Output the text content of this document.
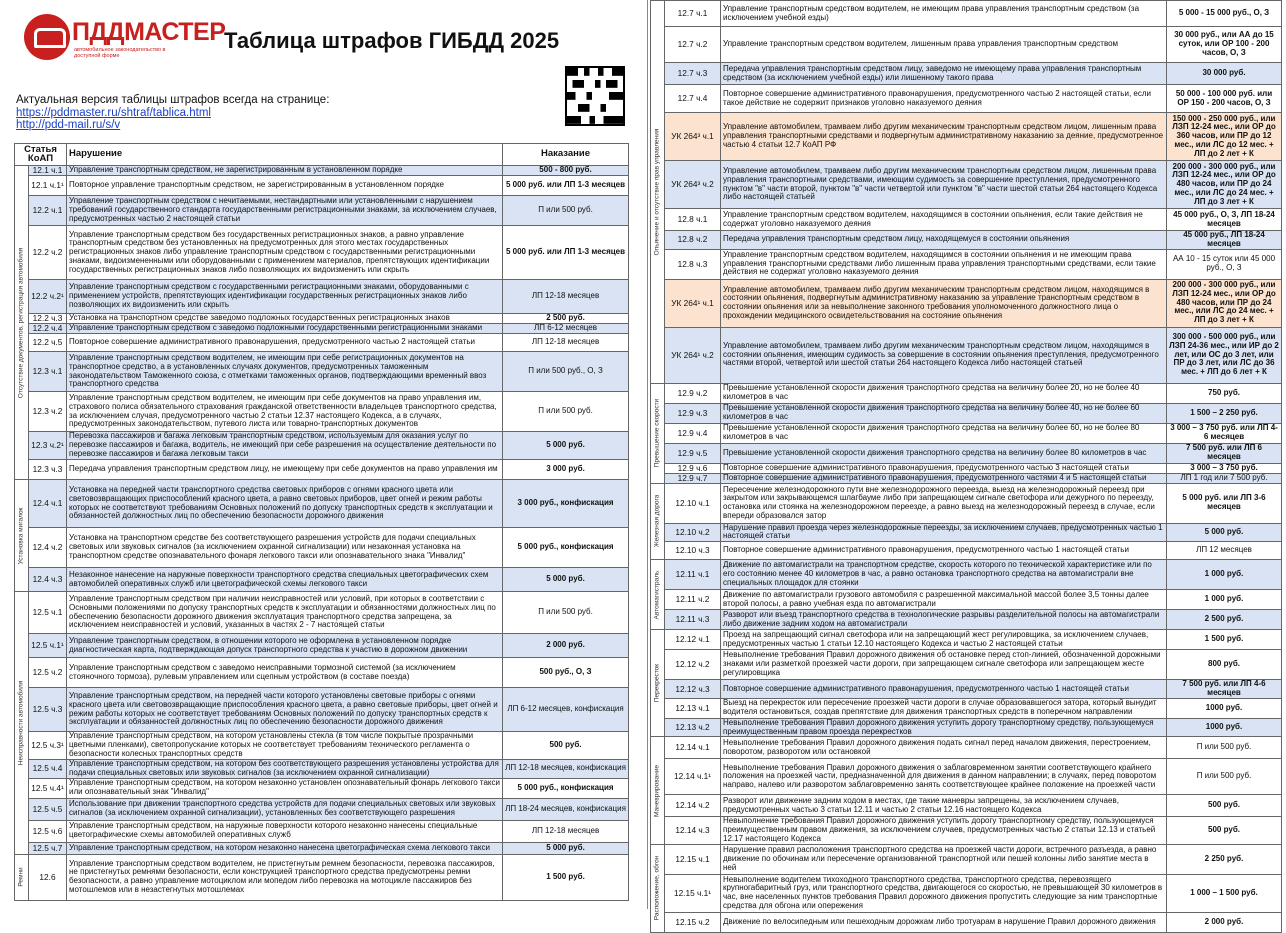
ПДДМАСТЕР
автомобильное законодательство в доступной форме
Таблица штрафов ГИБДД 2025
Актуальная версия таблицы штрафов всегда на странице:
https://pddmaster.ru/shtraf/tablica.html
http://pdd-mail.ru/s/v
Статья КоАП		Нарушение	Наказание

Отсутствие документов, регистрация автомобиля	12.1 ч.1	Управление транспортным средством, не зарегистрированным в установленном порядке	500 - 800 руб.
	12.1 ч.1¹	Повторное управление транспортным средством, не зарегистрированным в установленном порядке	5 000 руб. или ЛП 1-3 месяцев
	12.2 ч.1	Управление транспортным средством с нечитаемыми, нестандартными или установленными с нарушением требований государственного стандарта государственными регистрационными знаками, за исключением случаев, предусмотренных частью 2 настоящей статьи	П или 500 руб.
	12.2 ч.2	Управление транспортным средством без государственных регистрационных знаков, а равно управление транспортным средством без установленных на предусмотренных для этого местах государственных регистрационных знаков либо управление транспортным средством с государственными регистрационными знаками, видоизмененными или оборудованными с применением материалов, препятствующих идентификации государственных регистрационных знаков либо позволяющих их видоизменить или скрыть	5 000 руб. или ЛП 1-3 месяцев
	12.2 ч.2¹	Управление транспортным средством с государственными регистрационными знаками, оборудованными с применением устройств, препятствующих идентификации государственных регистрационных знаков либо позволяющих их видоизменить или скрыть	ЛП 12-18 месяцев
	12.2 ч.3	Установка на транспортном средстве заведомо подложных государственных регистрационных знаков	2 500 руб.
	12.2 ч.4	Управление транспортным средством с заведомо подложными государственными регистрационными знаками	ЛП 6-12 месяцев
	12.2 ч.5	Повторное совершение административного правонарушения, предусмотренного частью 2 настоящей статьи	ЛП 12-18 месяцев
	12.3 ч.1	Управление транспортным средством водителем, не имеющим при себе регистрационных документов на транспортное средство, а в установленных случаях документов, предусмотренных таможенным законодательством Таможенного союза, с отметками таможенных органов, подтверждающими временный ввоз транспортного средства	П или 500 руб., О, З
	12.3 ч.2	Управление транспортным средством водителем, не имеющим при себе документов на право управления им, страхового полиса обязательного страхования гражданской ответственности владельцев транспортного средства, за исключением случая, предусмотренного частью 2 статьи 12.37 настоящего Кодекса, а в случаях, предусмотренных законодательством, путевого листа или товарно-транспортных документов	П или 500 руб.
	12.3 ч.2¹	Перевозка пассажиров и багажа легковым транспортным средством, используемым для оказания услуг по перевозке пассажиров и багажа, водитель, не имеющий при себе разрешения на осуществление деятельности по перевозке пассажиров и багажа легковым такси	5 000 руб.
	12.3 ч.3	Передача управления транспортным средством лицу, не имеющему при себе документов на право управления им	3 000 руб.

Установка мигалок	12.4 ч.1	Установка на передней части транспортного средства световых приборов с огнями красного цвета или световозвращающих приспособлений красного цвета, а равно световых приборов, цвет огней и режим работы которых не соответствуют требованиям Основных положений по допуску транспортных средств к эксплуатации и обязанностей должностных лиц по обеспечению безопасности дорожного движения	3 000 руб., конфискация
	12.4 ч.2	Установка на транспортном средстве без соответствующего разрешения устройств для подачи специальных световых или звуковых сигналов (за исключением охранной сигнализации) или незаконная установка на транспортном средстве опознавательного фонаря легкового такси или опознавательного знака "Инвалид"	5 000 руб., конфискация
	12.4 ч.3	Незаконное нанесение на наружные поверхности транспортного средства специальных цветографических схем автомобилей оперативных служб или цветографической схемы легкового такси	5 000 руб.

Неисправности автомобиля	12.5 ч.1	Управление транспортным средством при наличии неисправностей или условий, при которых в соответствии с Основными положениями по допуску транспортных средств к эксплуатации и обязанностями должностных лиц по обеспечению безопасности дорожного движения эксплуатация транспортного средства запрещена, за исключением неисправностей и условий, указанных в частях 2 - 7 настоящей статьи	П или 500 руб.
	12.5 ч.1¹	Управление транспортным средством, в отношении которого не оформлена в установленном порядке диагностическая карта, подтверждающая допуск транспортного средства к участию в дорожном движении	2 000 руб.
	12.5 ч.2	Управление транспортным средством с заведомо неисправными тормозной системой (за исключением стояночного тормоза), рулевым управлением или сцепным устройством (в составе поезда)	500 руб., О, З
	12.5 ч.3	Управление транспортным средством, на передней части которого установлены световые приборы с огнями красного цвета или световозвращающие приспособления красного цвета, а равно световые приборы, цвет огней и режим работы которых не соответствует требованиям Основных положений по допуску транспортных средств к эксплуатации и обязанностей должностных лиц по обеспечению безопасности дорожного движения	ЛП 6-12 месяцев, конфискация
	12.5 ч.3¹	Управление транспортным средством, на котором установлены стекла (в том числе покрытые прозрачными цветными пленками), светопропускание которых не соответствует требованиям технического регламента о безопасности колесных транспортных средств	500 руб.
	12.5 ч.4	Управление транспортным средством, на котором без соответствующего разрешения установлены устройства для подачи специальных световых или звуковых сигналов (за исключением охранной сигнализации)	ЛП 12-18 месяцев, конфискация
	12.5 ч.4¹	Управление транспортным средством, на котором незаконно установлен опознавательный фонарь легкового такси или опознавательный знак "Инвалид"	5 000 руб., конфискация
	12.5 ч.5	Использование при движении транспортного средства устройств для подачи специальных световых или звуковых сигналов (за исключением охранной сигнализации), установленных без соответствующего разрешения	ЛП 18-24 месяцев, конфискация
	12.5 ч.6	Управление транспортным средством, на наружные поверхности которого незаконно нанесены специальные цветографические схемы автомобилей оперативных служб	ЛП 12-18 месяцев
	12.5 ч.7	Управление транспортным средством, на котором незаконно нанесена цветографическая схема легкового такси	5 000 руб.

Ремни	12.6	Управление транспортным средством водителем, не пристегнутым ремнем безопасности, перевозка пассажиров, не пристегнутых ремнями безопасности, если конструкцией транспортного средства предусмотрены ремни безопасности, а равно управление мотоциклом или мопедом либо перевозка на мотоцикле пассажиров без мотошлемов или в незастегнутых мотошлемах	1 500 руб.
Опьянение и отсутствие прав управления	12.7 ч.1	Управление транспортным средством водителем, не имеющим права управления транспортным средством (за исключением учебной езды)	5 000 - 15 000 руб., О, З
	12.7 ч.2	Управление транспортным средством водителем, лишенным права управления транспортным средством	30 000 руб., или АА до 15 суток, или ОР 100 - 200 часов, О, З
	12.7 ч.3	Передача управления транспортным средством лицу, заведомо не имеющему права управления транспортным средством (за исключением учебной езды) или лишенному такого права	30 000 руб.
	12.7 ч.4	Повторное совершение административного правонарушения, предусмотренного частью 2 настоящей статьи, если такое действие не содержит признаков уголовно наказуемого деяния	50 000 - 100 000 руб. или ОР 150 - 200 часов, О, З
	УК 264³ ч.1	Управление автомобилем, трамваем либо другим механическим транспортным средством лицом, лишенным права управления транспортными средствами и подвергнутым административному наказанию за деяние, предусмотренное частью 4 статьи 12.7 КоАП РФ	150 000 - 250 000 руб., или ЛЗП 12-24 мес., или ОР до 360 часов, или ПР до 12 мес., или ЛС до 12 мес. + ЛП до 2 лет + К
	УК 264³ ч.2	Управление автомобилем, трамваем либо другим механическим транспортным средством лицом, лишенным права управления транспортными средствами, имеющим судимость за совершение преступления, предусмотренного пунктом "в" части второй, пунктом "в" части четвертой или пунктом "в" части шестой статьи 264 настоящего Кодекса либо настоящей статьей	200 000 - 300 000 руб., или ЛЗП 12-24 мес., или ОР до 480 часов, или ПР до 24 мес., или ЛС до 24 мес. + ЛП до 3 лет + К
	12.8 ч.1	Управление транспортным средством водителем, находящимся в состоянии опьянения, если такие действия не содержат уголовно наказуемого деяния	45 000 руб., О, З, ЛП 18-24 месяцев
	12.8 ч.2	Передача управления транспортным средством лицу, находящемуся в состоянии опьянения	45 000 руб., ЛП 18-24 месяцев
	12.8 ч.3	Управление транспортным средством водителем, находящимся в состоянии опьянения и не имеющим права управления транспортными средствами либо лишенным права управления транспортными средствами, если такие действия не содержат уголовно наказуемого деяния	АА 10 - 15 суток или 45 000 руб., О, З
	УК 264¹ ч.1	Управление автомобилем, трамваем либо другим механическим транспортным средством лицом, находящимся в состоянии опьянения, подвергнутым административному наказанию за управление транспортным средством в состоянии опьянения или за невыполнение законного требования уполномоченного должностного лица о прохождении медицинского освидетельствования на состояние опьянения	200 000 - 300 000 руб., или ЛЗП 12-24 мес., или ОР до 480 часов, или ПР до 24 мес., или ЛС до 24 мес. + ЛП до 3 лет + К
	УК 264¹ ч.2	Управление автомобилем, трамваем либо другим механическим транспортным средством лицом, находящимся в состоянии опьянения, имеющим судимость за совершение в состоянии опьянения преступления, предусмотренного частями второй, четвертой или шестой статьи 264 настоящего Кодекса либо настоящей статьей	300 000 - 500 000 руб., или ЛЗП 24-36 мес., или ИР до 2 лет, или ОС до 3 лет, или ПР до 3 лет, или ЛС до 36 мес. + ЛП до 6 лет + К

Превышение скорости	12.9 ч.2	Превышение установленной скорости движения транспортного средства на величину более 20, но не более 40 километров в час	750 руб.
	12.9 ч.3	Превышение установленной скорости движения транспортного средства на величину более 40, но не более 60 километров в час	1 500 – 2 250 руб.
	12.9 ч.4	Превышение установленной скорости движения транспортного средства на величину более 60, но не более 80 километров в час	3 000 – 3 750 руб. или ЛП 4-6 месяцев
	12.9 ч.5	Превышение установленной скорости движения транспортного средства на величину более 80 километров в час	7 500 руб. или ЛП 6 месяцев
	12.9 ч.6	Повторное совершение административного правонарушения, предусмотренного частью 3 настоящей статьи	3 000 – 3 750 руб.
	12.9 ч.7	Повторное совершение административного правонарушения, предусмотренного частями 4 и 5 настоящей статьи	ЛП 1 год или 7 500 руб.

Железная дорога	12.10 ч.1	Пересечение железнодорожного пути вне железнодорожного переезда, выезд на железнодорожный переезд при закрытом или закрывающемся шлагбауме либо при запрещающем сигнале светофора или дежурного по переезду, остановка или стоянка на железнодорожном переезде, а равно выезд на железнодорожный переезд в случае, если впереди образовался затор	5 000 руб. или ЛП 3-6 месяцев
	12.10 ч.2	Нарушение правил проезда через железнодорожные переезды, за исключением случаев, предусмотренных частью 1 настоящей статьи	5 000 руб.
	12.10 ч.3	Повторное совершение административного правонарушения, предусмотренного частью 1 настоящей статьи	ЛП 12 месяцев

Автомагистраль	12.11 ч.1	Движение по автомагистрали на транспортном средстве, скорость которого по технической характеристике или по его состоянию менее 40 километров в час, а равно остановка транспортного средства на автомагистрали вне специальных площадок для стоянки	1 000 руб.
	12.11 ч.2	Движение по автомагистрали грузового автомобиля с разрешенной максимальной массой более 3,5 тонны далее второй полосы, а равно учебная езда по автомагистрали	1 000 руб.
	12.11 ч.3	Разворот или въезд транспортного средства в технологические разрывы разделительной полосы на автомагистрали либо движение задним ходом на автомагистрали	2 500 руб.

Перекресток	12.12 ч.1	Проезд на запрещающий сигнал светофора или на запрещающий жест регулировщика, за исключением случаев, предусмотренных частью 1 статьи 12.10 настоящего Кодекса и частью 2 настоящей статьи	1 500 руб.
	12.12 ч.2	Невыполнение требования Правил дорожного движения об остановке перед стоп-линией, обозначенной дорожными знаками или разметкой проезжей части дороги, при запрещающем сигнале светофора или запрещающем жесте регулировщика	800 руб.
	12.12 ч.3	Повторное совершение административного правонарушения, предусмотренного частью 1 настоящей статьи	7 500 руб. или ЛП 4-6 месяцев
	12.13 ч.1	Выезд на перекресток или пересечение проезжей части дороги в случае образовавшегося затора, который вынудит водителя остановиться, создав препятствие для движения транспортных средств в поперечном направлении	1000 руб.
	12.13 ч.2	Невыполнение требования Правил дорожного движения уступить дорогу транспортному средству, пользующемуся преимущественным правом проезда перекрестков	1000 руб.

Маневрирование	12.14 ч.1	Невыполнение требования Правил дорожного движения подать сигнал перед началом движения, перестроением, поворотом, разворотом или остановкой	П или 500 руб.
	12.14 ч.1¹	Невыполнение требования Правил дорожного движения о заблаговременном занятии соответствующего крайнего положения на проезжей части, предназначенной для движения в данном направлении; в случаях, перед поворотом направо, налево или разворотом заблаговременно занять соответствующее крайнее положение на проезжей части	П или 500 руб.
	12.14 ч.2	Разворот или движение задним ходом в местах, где такие маневры запрещены, за исключением случаев, предусмотренных частью 3 статьи 12.11 и частью 2 статьи 12.16 настоящего Кодекса	500 руб.
	12.14 ч.3	Невыполнение требования Правил дорожного движения уступить дорогу транспортному средству, пользующемуся преимущественным правом движения, за исключением случаев, предусмотренных частью 2 статьи 12.13 и статьей 12.17 настоящего Кодекса	500 руб.

Расположение, обгон	12.15 ч.1	Нарушение правил расположения транспортного средства на проезжей части дороги, встречного разъезда, а равно движение по обочинам или пересечение организованной транспортной или пешей колонны либо занятие места в ней	2 250 руб.
	12.15 ч.1¹	Невыполнение водителем тихоходного транспортного средства, транспортного средства, перевозящего крупногабаритный груз, или транспортного средства, двигающегося со скоростью, не превышающей 30 километров в час, вне населенных пунктов требования Правил дорожного движения пропустить следующие за ним транспортные средства для обгона или опережения	1 000 – 1 500 руб.
	12.15 ч.2	Движение по велосипедным или пешеходным дорожкам либо тротуарам в нарушение Правил дорожного движения	2 000 руб.
